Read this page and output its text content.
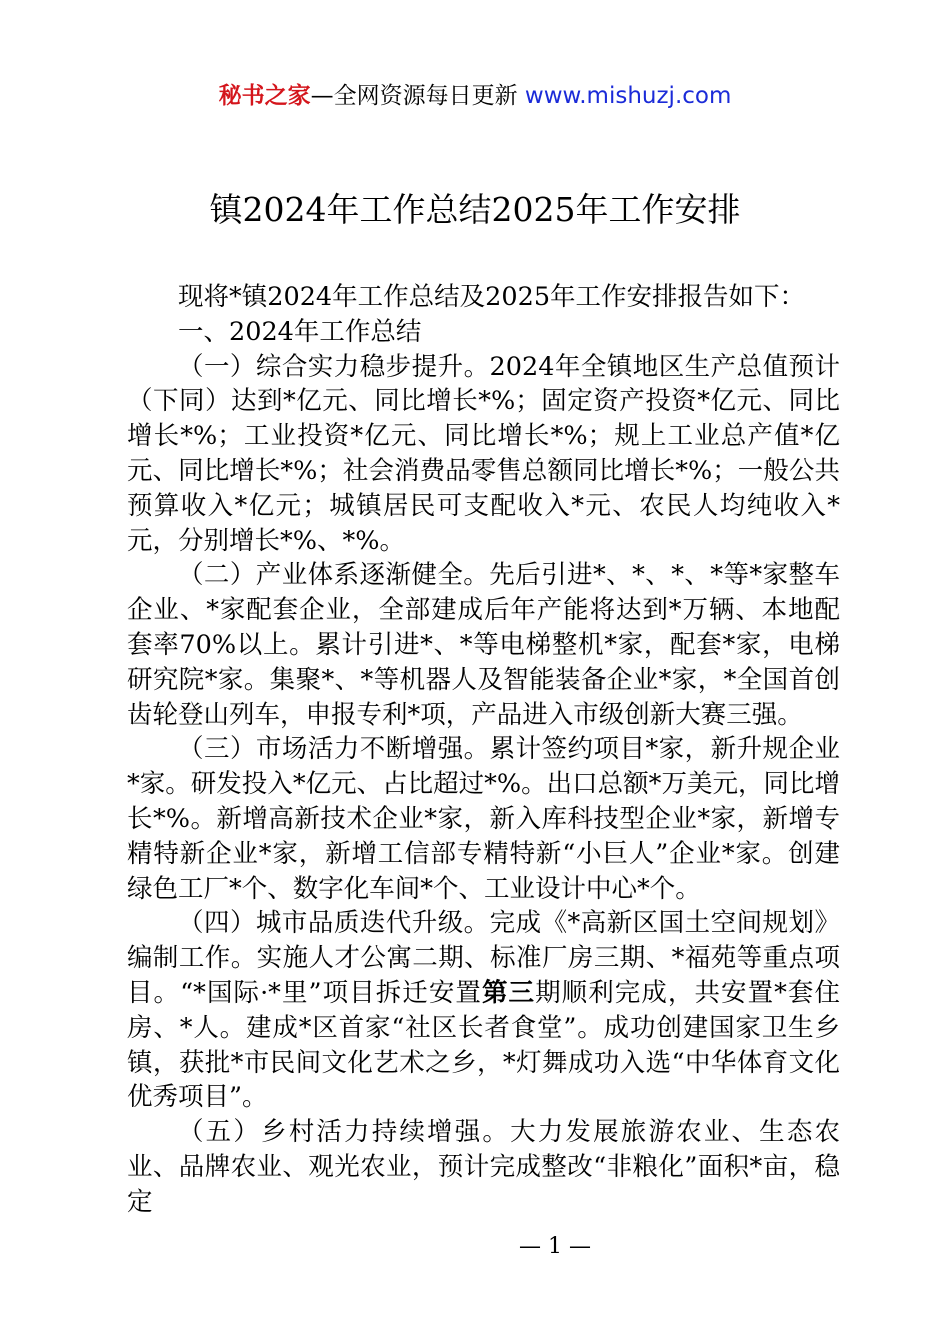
秘书之家—全网资源每日更新 www.mishuzj.com
镇2024年工作总结2025年工作安排

现将*镇2024年工作总结及2025年工作安排报告如下：

一、2024年工作总结

（一）综合实力稳步提升。2024年全镇地区生产总值预计（下同）达到*亿元、同比增长*%；固定资产投资*亿元、同比增长*%；工业投资*亿元、同比增长*%；规上工业总产值*亿元、同比增长*%；社会消费品零售总额同比增长*%；一般公共预算收入*亿元；城镇居民可支配收入*元、农民人均纯收入*元，分别增长*%、*%。

（二）产业体系逐渐健全。先后引进*、*、*、*等*家整车企业、*家配套企业，全部建成后年产能将达到*万辆、本地配套率70%以上。累计引进*、*等电梯整机*家，配套*家，电梯研究院*家。集聚*、*等机器人及智能装备企业*家，*全国首创齿轮登山列车，申报专利*项，产品进入市级创新大赛三强。

（三）市场活力不断增强。累计签约项目*家，新升规企业*家。研发投入*亿元、占比超过*%。出口总额*万美元，同比增长*%。新增高新技术企业*家，新入库科技型企业*家，新增专精特新企业*家，新增工信部专精特新“小巨人”企业*家。创建绿色工厂*个、数字化车间*个、工业设计中心*个。

（四）城市品质迭代升级。完成《*高新区国土空间规划》编制工作。实施人才公寓二期、标准厂房三期、*福苑等重点项目。“*国际·*里”项目拆迁安置第三期顺利完成，共安置*套住房、*人。建成*区首家“社区长者食堂”。成功创建国家卫生乡镇，获批*市民间文化艺术之乡，*灯舞成功入选“中华体育文化优秀项目”。

（五）乡村活力持续增强。大力发展旅游农业、生态农业、品牌农业、观光农业，预计完成整改“非粮化”面积*亩，稳定

— 1 —
